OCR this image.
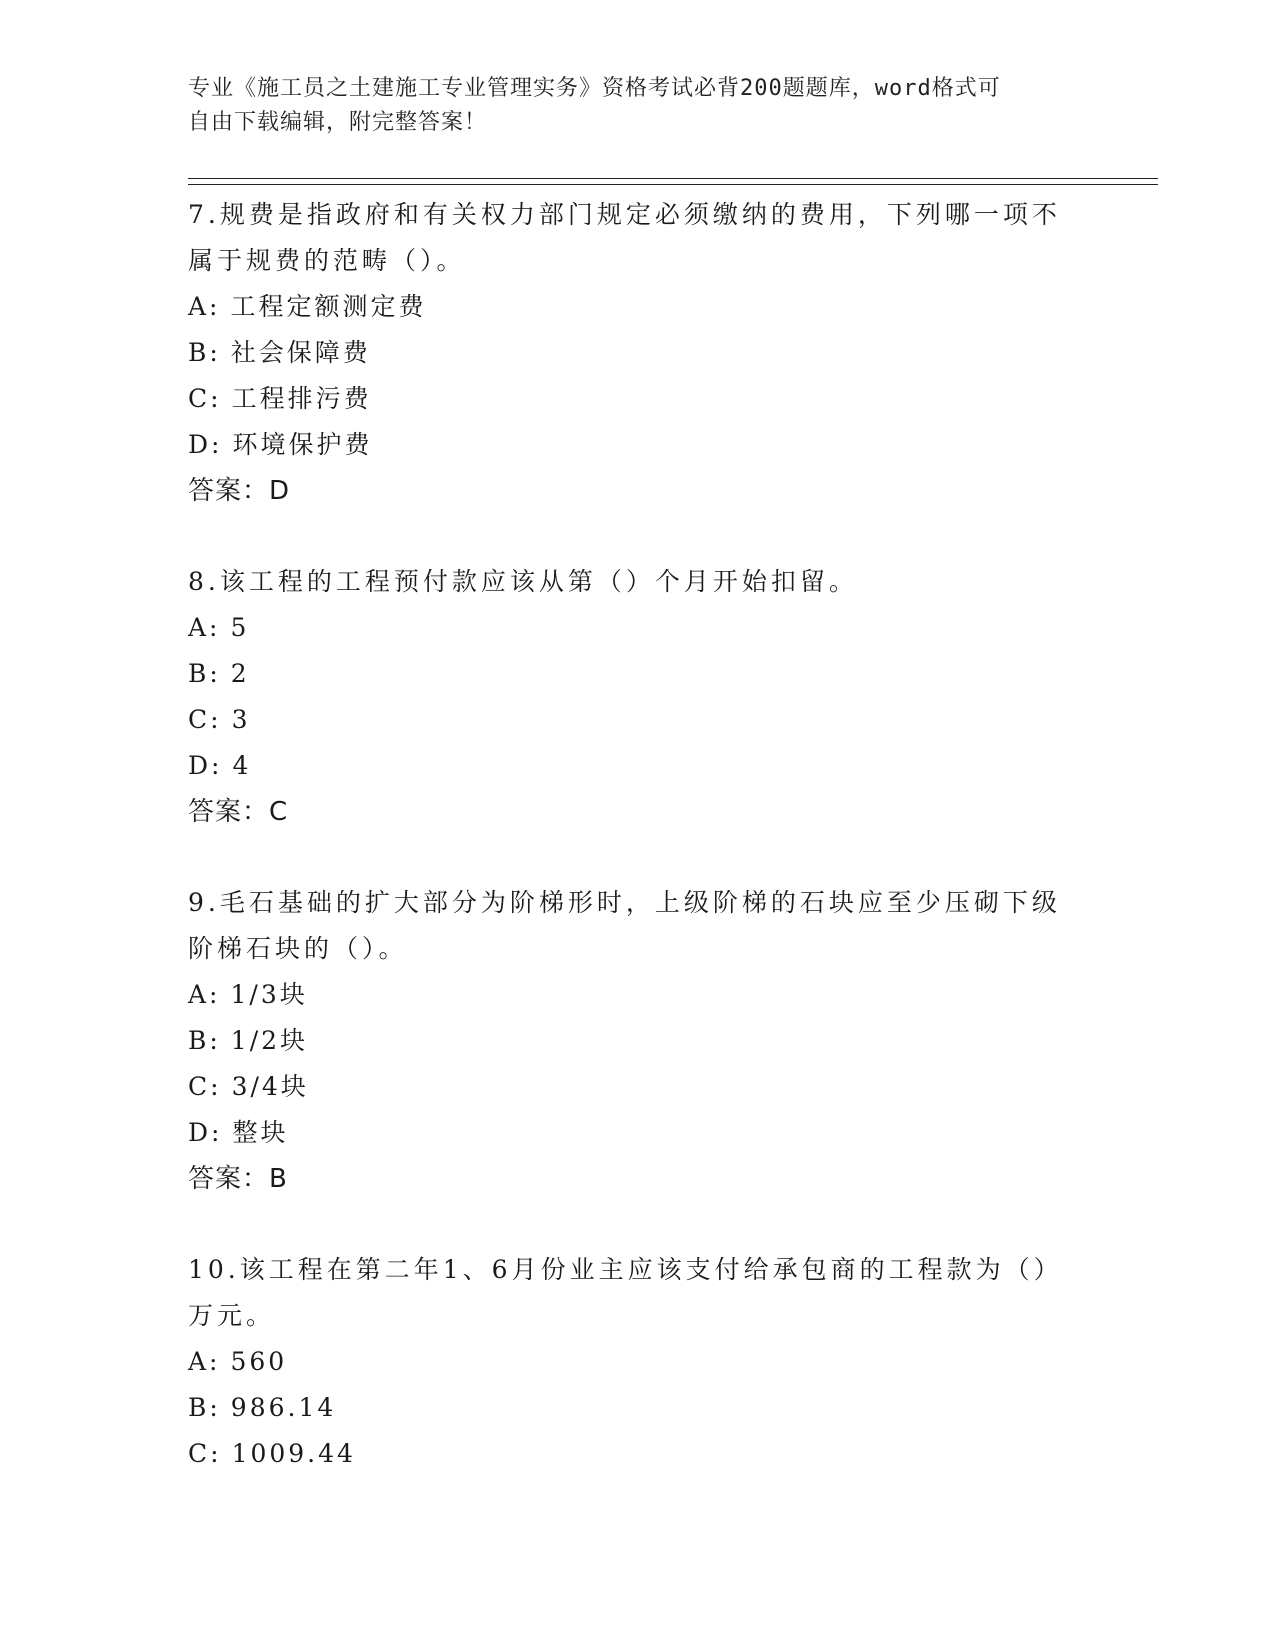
专业《施工员之土建施工专业管理实务》资格考试必背200题题库，word格式可
自由下载编辑，附完整答案！

7.规费是指政府和有关权力部门规定必须缴纳的费用，下列哪一项不

属于规费的范畴（）。

A: 工程定额测定费

B: 社会保障费

C: 工程排污费

D: 环境保护费

答案：D

8.该工程的工程预付款应该从第（）个月开始扣留。

A: 5

B: 2

C: 3

D: 4

答案：C

9.毛石基础的扩大部分为阶梯形时，上级阶梯的石块应至少压砌下级

阶梯石块的（）。

A: 1/3块

B: 1/2块

C: 3/4块

D: 整块

答案：B

10.该工程在第二年1、6月份业主应该支付给承包商的工程款为（）

万元。

A: 560

B: 986.14

C: 1009.44
